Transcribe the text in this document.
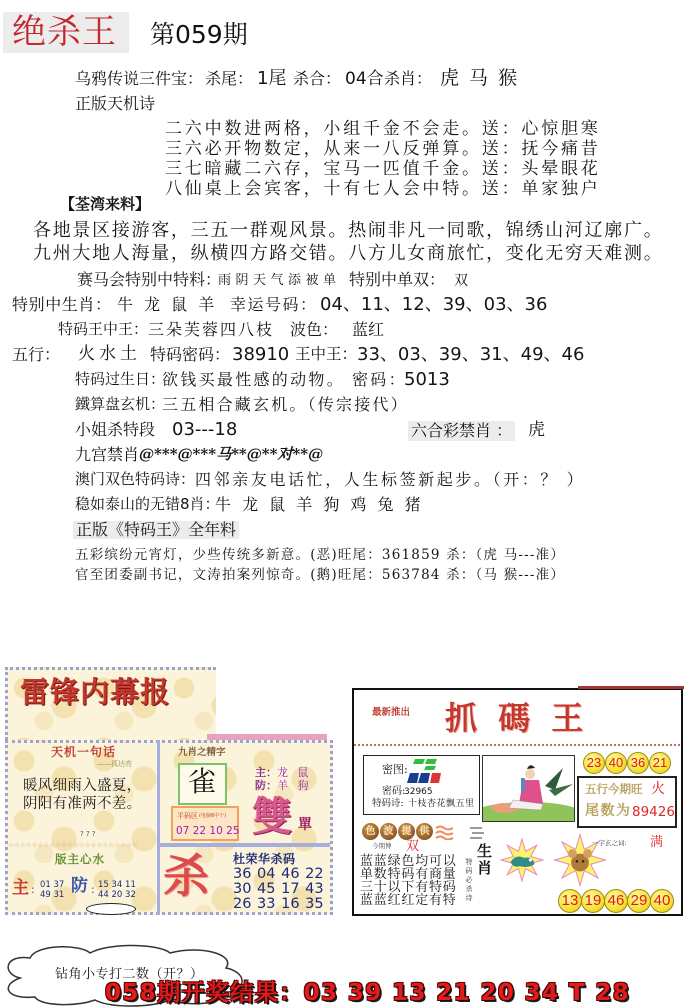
绝杀王 第059期
乌鸦传说三件宝： 杀尾： 1尾 杀合： 04合 杀肖： 虎 马 猴
正版天机诗
二六中数进两格，小组千金不会走。送：心惊胆寒
三六必开物数定，从来一八反弹算。送：抚今痛昔
三七暗藏二六存，宝马一匹值千金。送：头晕眼花
八仙桌上会宾客，十有七人会中特。送：单家独户
【荃湾来料】
各地景区接游客，三五一群观风景。热闹非凡一同歌，锦绣山河辽廓广。
九州大地人海量，纵横四方路交错。八方儿女商旅忙，变化无穷天难测。
赛马会特别中特料：
雨阴天气添被单 特别中单双： 双
特别中生肖： 牛 龙 鼠 羊 幸运号码： 04、11、12、39、03、36
特码王中王： 三朵芙蓉四八枝 波色： 蓝红
五行： 火水土 特码密码： 38910 王中王： 33、03、39、31、49、46
特码过生日：
欲钱买最性感的动物。 密码：
5013
鐵算盘玄机：
三五相合藏玄机。（传宗接代）
小姐杀特段 03---18	六合彩禁肖 ： 虎
九宫禁肖 @***@***马**@**对**@
澳门双色特码诗： 四邻亲友电话忙，人生标签新起步。（开：？ ）
稳如泰山的无错8肖：
牛 龙 鼠 羊 狗 鸡 兔 猪
正版《特码王》全年料
五彩缤纷元宵灯，少些传统多新意。(恶)旺尾：361859 杀：（虎 马---准）
官至团委副书记，文涛拍案列惊奇。(鹅)旺尾：563784 杀：（马 猴---准）
雷锋内幕报
天机一句话
——孤达亮
暖风细雨入盛夏，
阴阳有准两不差。
? ? ?
九肖之精字
雀	主： 龙 鼠
防： 羊 狗
平码区 (电脑6中个)
07 22 10 25 雙 單
☆☆☆☆☆☆☆☆☆☆☆☆☆☆☆☆☆☆☆☆☆☆
版主心水
主 : 01 37
49 31 防 : 15 34 11
44 20 32 杀 杜荣华杀码
36 04 46 22
30 45 17 43
26 33 16 35
最新推出 抓 碼 王
密图:
密码:
32965
特码诗: 十枝杏花飘五里
23 40 36 21
五行今期旺 火
尾数为 89426
色 波 提 供
今期博 双
蓝蓝绿色均可以
单数特码有商量
三十以下有特码
蓝蓝红红定有特
生
肖
特码必杀诗
一字玄之词: 满
13 19 46 29 40
钻角小专打二数（开？）
058期开奖结果：03 39 13 21 20 34 T 28
